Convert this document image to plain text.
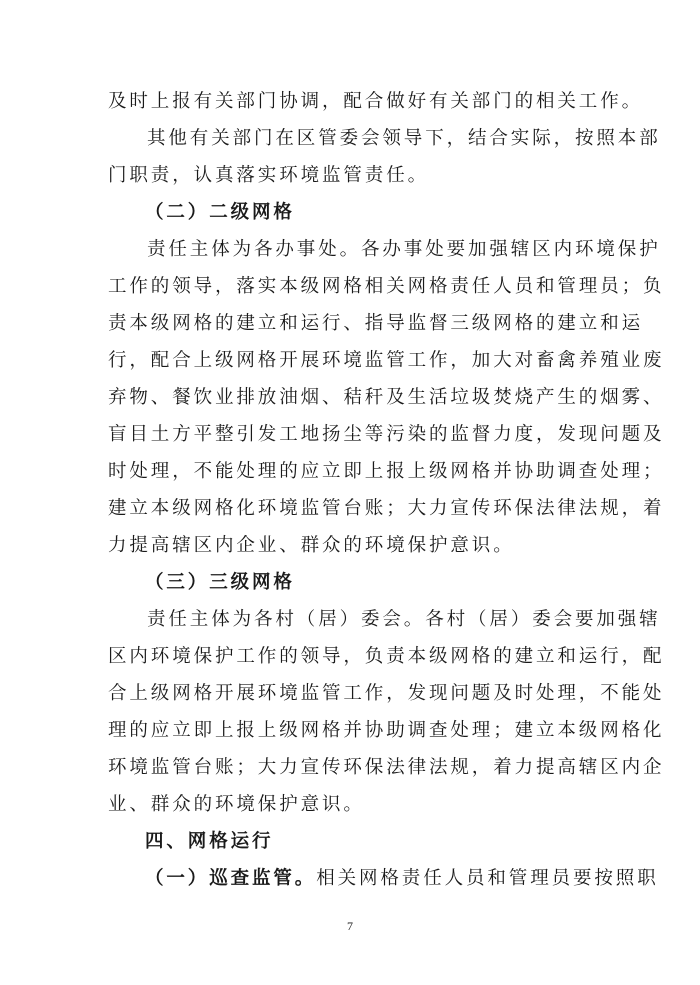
及时上报有关部门协调，配合做好有关部门的相关工作。
其他有关部门在区管委会领导下，结合实际，按照本部
门职责，认真落实环境监管责任。
（二）二级网格
责任主体为各办事处。各办事处要加强辖区内环境保护
工作的领导，落实本级网格相关网格责任人员和管理员；负
责本级网格的建立和运行、指导监督三级网格的建立和运
行，配合上级网格开展环境监管工作，加大对畜禽养殖业废
弃物、餐饮业排放油烟、秸秆及生活垃圾焚烧产生的烟雾、
盲目土方平整引发工地扬尘等污染的监督力度，发现问题及
时处理，不能处理的应立即上报上级网格并协助调查处理；
建立本级网格化环境监管台账；大力宣传环保法律法规，着
力提高辖区内企业、群众的环境保护意识。
（三）三级网格
责任主体为各村（居）委会。各村（居）委会要加强辖
区内环境保护工作的领导，负责本级网格的建立和运行，配
合上级网格开展环境监管工作，发现问题及时处理，不能处
理的应立即上报上级网格并协助调查处理；建立本级网格化
环境监管台账；大力宣传环保法律法规，着力提高辖区内企
业、群众的环境保护意识。
四、网格运行
（一）巡查监管。相关网格责任人员和管理员要按照职
7
